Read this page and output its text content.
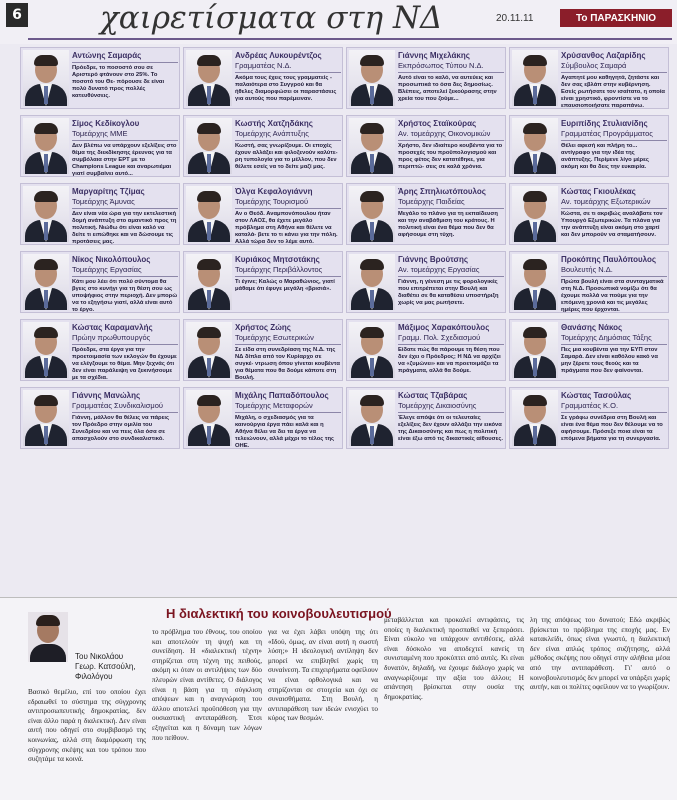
6	χαιρετίσματα στη ΝΔ	20.11.11	Το ΠΑΡΑΣΚΗΝΙΟ
Αντώνης Σαμαράς
Πρόεδρε, το ποσοστό σου σε Αριστερό φτάνουν στο 25%. Το ποσοτό του Θε- πόρουσε δε είναι πολύ δυνατό προς πολλές κατευθύνσεις.
Ανδρέας Λυκουρέντζος
Γραμματέας Ν.Δ.
Ακόμα τους έχεις τους γραμματείς - παλαιότερα στο Συγγρού και θα ήθελες διαμορφώσει οι παραστάσεις για αυτούς που παρέμειναν.
Γιάννης Μιχελάκης
Εκπρόσωπος Τύπου Ν.Δ.
Αυτό είναι το καλό, να αυτεύεις και προσωπικά το όσα δες δημοσίως. Βλέπεις, αποτελεί ξεκούρασης στην χρεία του που ζούμε...
Χρύσανθος Λαζαρίδης
Σύμβουλος Σαμαρά
Αγαπητέ μου καθηγητά, ζητάστε και δεν σας εβλάπ στην κυβέρνηση. Εσείς ρωτήσατε τον ισαίτατο, η οποία είναι χρηστικό, φροντίστε να το επαυσιοποιήσατε παραπάνω.
Σίμος Κεδίκογλου
Τομεάρχης ΜΜΕ
Δεν βλέπω να υπάρχουν εξελίξεις στο θέμα της διεκδίκησης έρευνας για τα συμβόλαια στην ΕΡΤ με το Champions League και αναρωτιέμαι γιατί συμβαίνει αυτό...
Κωστής Χατζηδάκης
Τομεάρχης Ανάπτυξης
Κωστή, σας γνωρίζουμε. Οι εποχές έχουν αλλάξει και φιλοξενούν καλύτε- ρη τυπολογία για το μέλλον, που δεν θέλετε εσείς να το δείτε μαζί μας.
Χρήστος Σταϊκούρας
Αν. τομεάρχης Οικονομικών
Χρήστο, δεν ιδιαίτερο κουβέντα για το προσεχές του προϋπολογισμού και προς φέτος δεν κατατέθηκε, για περιπτώ- σεις σε καλά χρόνια.
Ευριπίδης Στυλιανίδης
Γραμματέας Προγράμματος
Θέλει αφεσή και πλήρη το... αντίγραφο για την ιδέα της ανάπτυξης. Περίμενε λίγο μέρες ακόμη και θα δεις την ευκαιρία.
Μαργαρίτης Τζίμας
Τομεάρχης Άμυνας
Δεν είναι νέα ώρα για την εκτελεστική δομή ανάπτυξη στο αμαντικό προς τη πολιτική. Νιώθω ότι είναι καλό να δείτε τι ειπώθηκε και να δώσουμε τις προτάσεις μας.
Όλγα Κεφαλογιάννη
Τομεάρχης Τουρισμού
Αν ο Θεόδ. Αναμπονόπουλου ήταν στον ΛΑΟΣ, θα έχετε μεγάλο πρόβλημα στη Αθήνα και θέλετε να καταλά- βετε το τι κάνει για την πόλη. Αλλά τώρα δεν το λέμε αυτό.
Άρης Σπηλιωτόπουλος
Τομεάρχης Παιδείας
Μεγάλο το πλάνο για τη εκπαίδευση και την αναβάθμιση του κράτους. Η πολιτική είναι ένα θέμα που δεν θα αφήσουμε στη τύχη.
Κώστας Γκιουλέκας
Αν. τομεάρχης Εξωτερικών
Κώστα, σε τι ακριβώς αναλάβατε τον Υπουργό Εξωτερικών. Τα πλάνα για την ανάπτυξη είναι ακόμη στο χαρτί και δεν μπορούν να σταματήσουν.
Νίκος Νικολόπουλος
Τομεάρχης Εργασίας
Κάτι μου λέει ότι πολύ σύντομα θα βγεις στο κυνήγι για τη θέση σου ως υποψήφιος στην περιοχή. Δεν μπορώ να το εξηγήσω γιατί, αλλά είναι αυτό το έργο.
Κυριάκος Μητσοτάκης
Τομεάρχης Περιβάλλοντος
Τι έγινε; Καλώς ο Μαραθώνιος, γιατί μάθαμε ότι έφυγε μεγάλη «βρισιά».
Γιάννης Βρούτσης
Αν. τομεάρχης Εργασίας
Γιάννη, η γένεση με τις φορολογικές που επιτρέπεται στην Βουλή και διαθέτει σε θα καταθέσει υποστήριξη χωρίς να μας ρωτήσετε.
Προκόπης Παυλόπουλος
Βουλευτής Ν.Δ.
Πρώτα βουλή είναι στα συνταγματικά στη Ν.Δ. Προσωπικά νομίζω ότι θα έχουμε πολλά να πούμε για την επόμενη χρονιά και τις μεγάλες ημέρες που έρχονται.
Κώστας Καραμανλής
Πρώην πρωθυπουργός
Πρόεδρε, στα έργα για την προετοιμασία των εκλογών θα έχουμε να ελέγξουμε το θέμα. Μην ξεχνάς ότι δεν είναι παράλειψη να ξεκινήσουμε με τα σχέδια.
Χρήστος Ζώης
Τομεάρχης Εσωτερικών
Σε είδα στη συνεδρίαση της Ν.Δ. της ΝΔ δίπλα από τον Κυρίαρχο σε συγκέ- ντρωση όπου γίνεται κουβέντα για θέματα που θα δούμε κάποτε στη Βουλή.
Μάξιμος Χαρακόπουλος
Γραμμ. Πολ. Σχεδιασμού
Είδατε πώς θα πάρουμε τη θέση που δεν έχει ο Πρόεδρος; Η ΝΔ να αρχίζει να «ζυμώνει» και να προετοιμάζει τα πράγματα, αλλά θα δούμε.
Θανάσης Νάκος
Τομεάρχης Δημόσιας Τάξης
Πες μια κουβέντα για την ΕΥΠ στον Σαμαρά. Δεν είναι καθόλου κακό να μην ξέρετε τους θεούς και τα πράγματα που δεν φαίνονται.
Γιάννης Μανώλης
Γραμματέας Συνδικαλισμού
Γιάννη, μάλλον θα θέλεις να πάρεις τον Πρόεδρο στην ομιλία του Συνεδρίου και να πεις όλα όσα σε απασχολούν στο συνδικαλιστικό.
Μιχάλης Παπαδόπουλος
Τομεάρχης Μεταφορών
Μιχάλη, ο σχεδιασμός για τα καινούργια έργα πάει καλά και η Αθήνα θέλει να δει τα έργα να τελειώνουν, αλλά μέχρι το τέλος της ΟΗΕ.
Κώστας Τζαβάρας
Τομεάρχης Δικαιοσύνης
Έλεγε απόψε ότι οι τελευταίες εξελίξεις δεν έχουν αλλάξει την εικόνα της Δικαιοσύνης και πως η πολιτική είναι έξω από τις δικαστικές αίθουσες.
Κώστας Τασούλας
Γραμματέας Κ.Ο.
Σε γράφω συνέδρια στη Βουλή και είναι ένα θέμα που δεν θέλουμε να το αφήσουμε. Πρόσεξε ποια είναι τα επόμενα βήματα για τη συνεργασία.
Του Νικολάου
Γεωρ. Κατσούλη,
Φιλολόγου
Η διαλεκτική του κοινοβουλευτισμού

Βασικό θεμέλιο, επί του οποίου έχει εδραιωθεί το σύστημα της σύγχρονης αντιπροσωπευτικής δημοκρατίας, δεν είναι άλλο παρά η διαλεκτική. Δεν είναι αυτή που οδηγεί στο συμβιβασμό της κοινωνίας, αλλά στη διαμόρφωση της σύγχρονης σκέψης και του τρόπου που συζητάμε τα κοινά.

το πρόβλημα του έθνους, του οποίου και αποτελούν τη ψυχή και τη συνείδηση. Η «διαλεκτική τέχνη» στηρίζεται στη τέχνη της πειθούς, ακόμη κι όταν οι αντιλήψεις των δύο πλευρών είναι αντίθετες. Ο διάλογος είναι η βάση για τη σύγκλιση απόψεων και η αναγνώριση του άλλου αποτελεί προϋπόθεση για την ουσιαστική αντιπαράθεση. Έτσι εξηγείται και η δύναμη των λόγων που πείθουν.

για να έχει λάβει υπόψη της ότι «Ιδού, όμως, αν είναι αυτή η σωστή λύση;» Η ιδεολογική αντίληψη δεν μπορεί να επιβληθεί χωρίς τη συναίνεση. Τα επιχειρήματα οφείλουν να είναι ορθολογικά και να στηρίζονται σε στοιχεία και όχι σε συναισθήματα. Στη Βουλή, η αντιπαράθεση των ιδεών ενισχύει το κύρος των θεσμών.

μεταβάλλεται και προκαλεί αντιφάσεις, τις οποίες η διαλεκτική προσπαθεί να ξεπεράσει. Είναι εύκολο να υπάρχουν αντιθέσεις, αλλά είναι δύσκολο να αποδεχτεί κανείς τη συνισταμένη που προκύπτει από αυτές. Κι είναι δυνατόν, δηλαδή, να έχουμε διάλογο χωρίς να αναγνωρίζουμε την αξία του άλλου; Η απάντηση βρίσκεται στην ουσία της δημοκρατίας.

λη της απόψεως του δυνατού; Εδώ ακριβώς βρίσκεται το πρόβλημα της εποχής μας. Εν κατακλείδι, όπως είναι γνωστό, η διαλεκτική δεν είναι απλώς τρόπος συζήτησης, αλλά μέθοδος σκέψης που οδηγεί στην αλήθεια μέσα από την αντιπαράθεση. Γι' αυτό ο κοινοβουλευτισμός δεν μπορεί να υπάρξει χωρίς αυτήν, και οι πολίτες οφείλουν να το γνωρίζουν.
